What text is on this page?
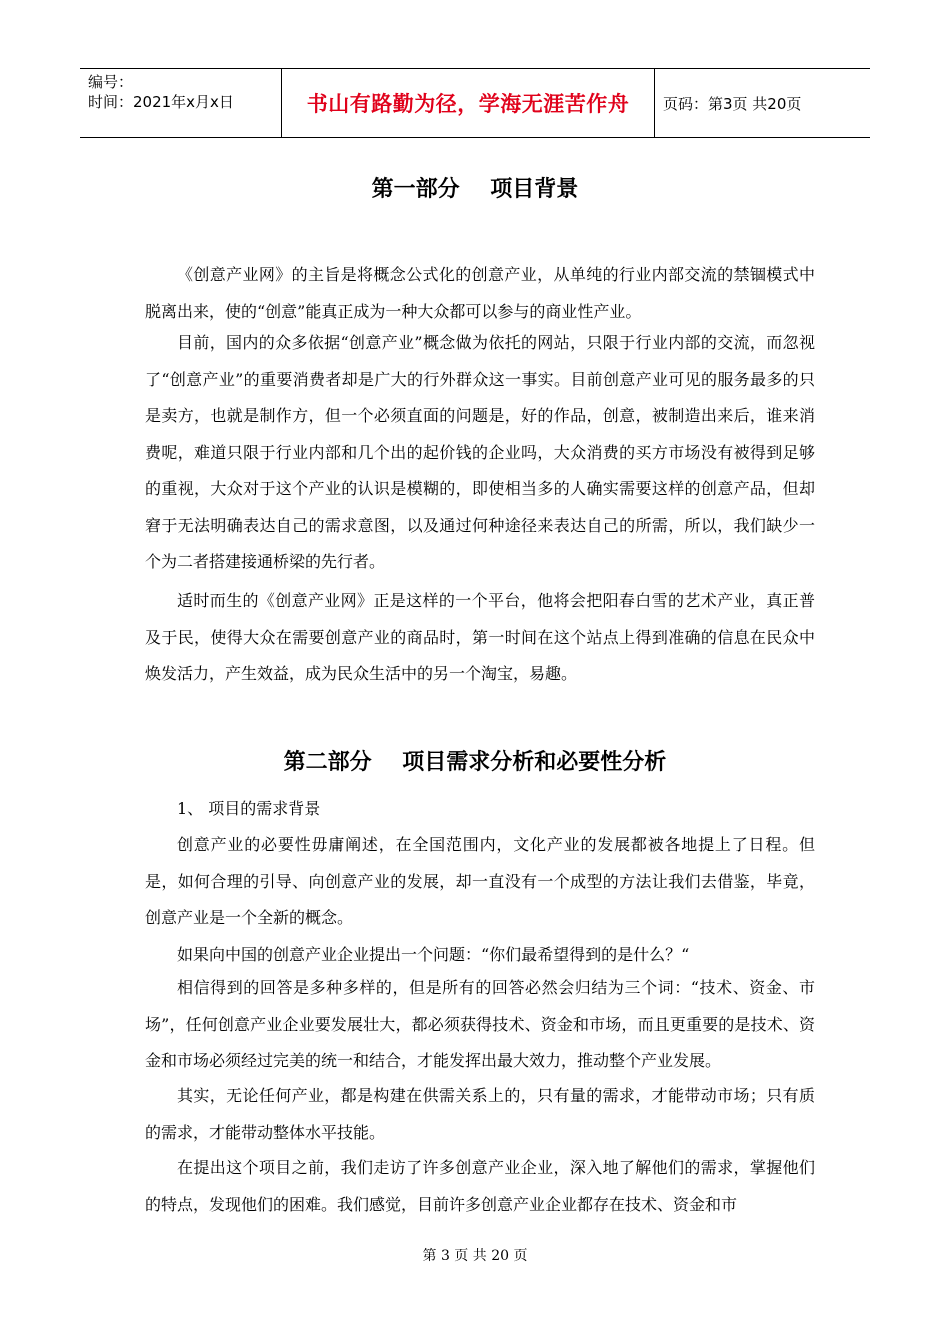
编号：
时间：2021年x月x日	书山有路勤为径，学海无涯苦作舟 页码：第3页 共20页
第一部分    项目背景

《创意产业网》的主旨是将概念公式化的创意产业，从单纯的行业内部交流的禁锢模式中脱离出来，使的“创意”能真正成为一种大众都可以参与的商业性产业。

目前，国内的众多依据“创意产业”概念做为依托的网站，只限于行业内部的交流，而忽视了“创意产业”的重要消费者却是广大的行外群众这一事实。目前创意产业可见的服务最多的只是卖方，也就是制作方，但一个必须直面的问题是，好的作品，创意，被制造出来后，谁来消费呢，难道只限于行业内部和几个出的起价钱的企业吗，大众消费的买方市场没有被得到足够的重视，大众对于这个产业的认识是模糊的，即使相当多的人确实需要这样的创意产品，但却窘于无法明确表达自己的需求意图，以及通过何种途径来表达自己的所需，所以，我们缺少一个为二者搭建接通桥梁的先行者。

适时而生的《创意产业网》正是这样的一个平台，他将会把阳春白雪的艺术产业，真正普及于民，使得大众在需要创意产业的商品时，第一时间在这个站点上得到准确的信息在民众中焕发活力，产生效益，成为民众生活中的另一个淘宝，易趣。

第二部分    项目需求分析和必要性分析

1、 项目的需求背景

创意产业的必要性毋庸阐述，在全国范围内，文化产业的发展都被各地提上了日程。但是，如何合理的引导、向创意产业的发展，却一直没有一个成型的方法让我们去借鉴，毕竟，创意产业是一个全新的概念。

如果向中国的创意产业企业提出一个问题：“你们最希望得到的是什么？“

相信得到的回答是多种多样的，但是所有的回答必然会归结为三个词：“技术、资金、市场”，任何创意产业企业要发展壮大，都必须获得技术、资金和市场，而且更重要的是技术、资金和市场必须经过完美的统一和结合，才能发挥出最大效力，推动整个产业发展。

其实，无论任何产业，都是构建在供需关系上的，只有量的需求，才能带动市场；只有质的需求，才能带动整体水平技能。

在提出这个项目之前，我们走访了许多创意产业企业，深入地了解他们的需求，掌握他们的特点，发现他们的困难。我们感觉，目前许多创意产业企业都存在技术、资金和市

第 3 页 共 20 页
